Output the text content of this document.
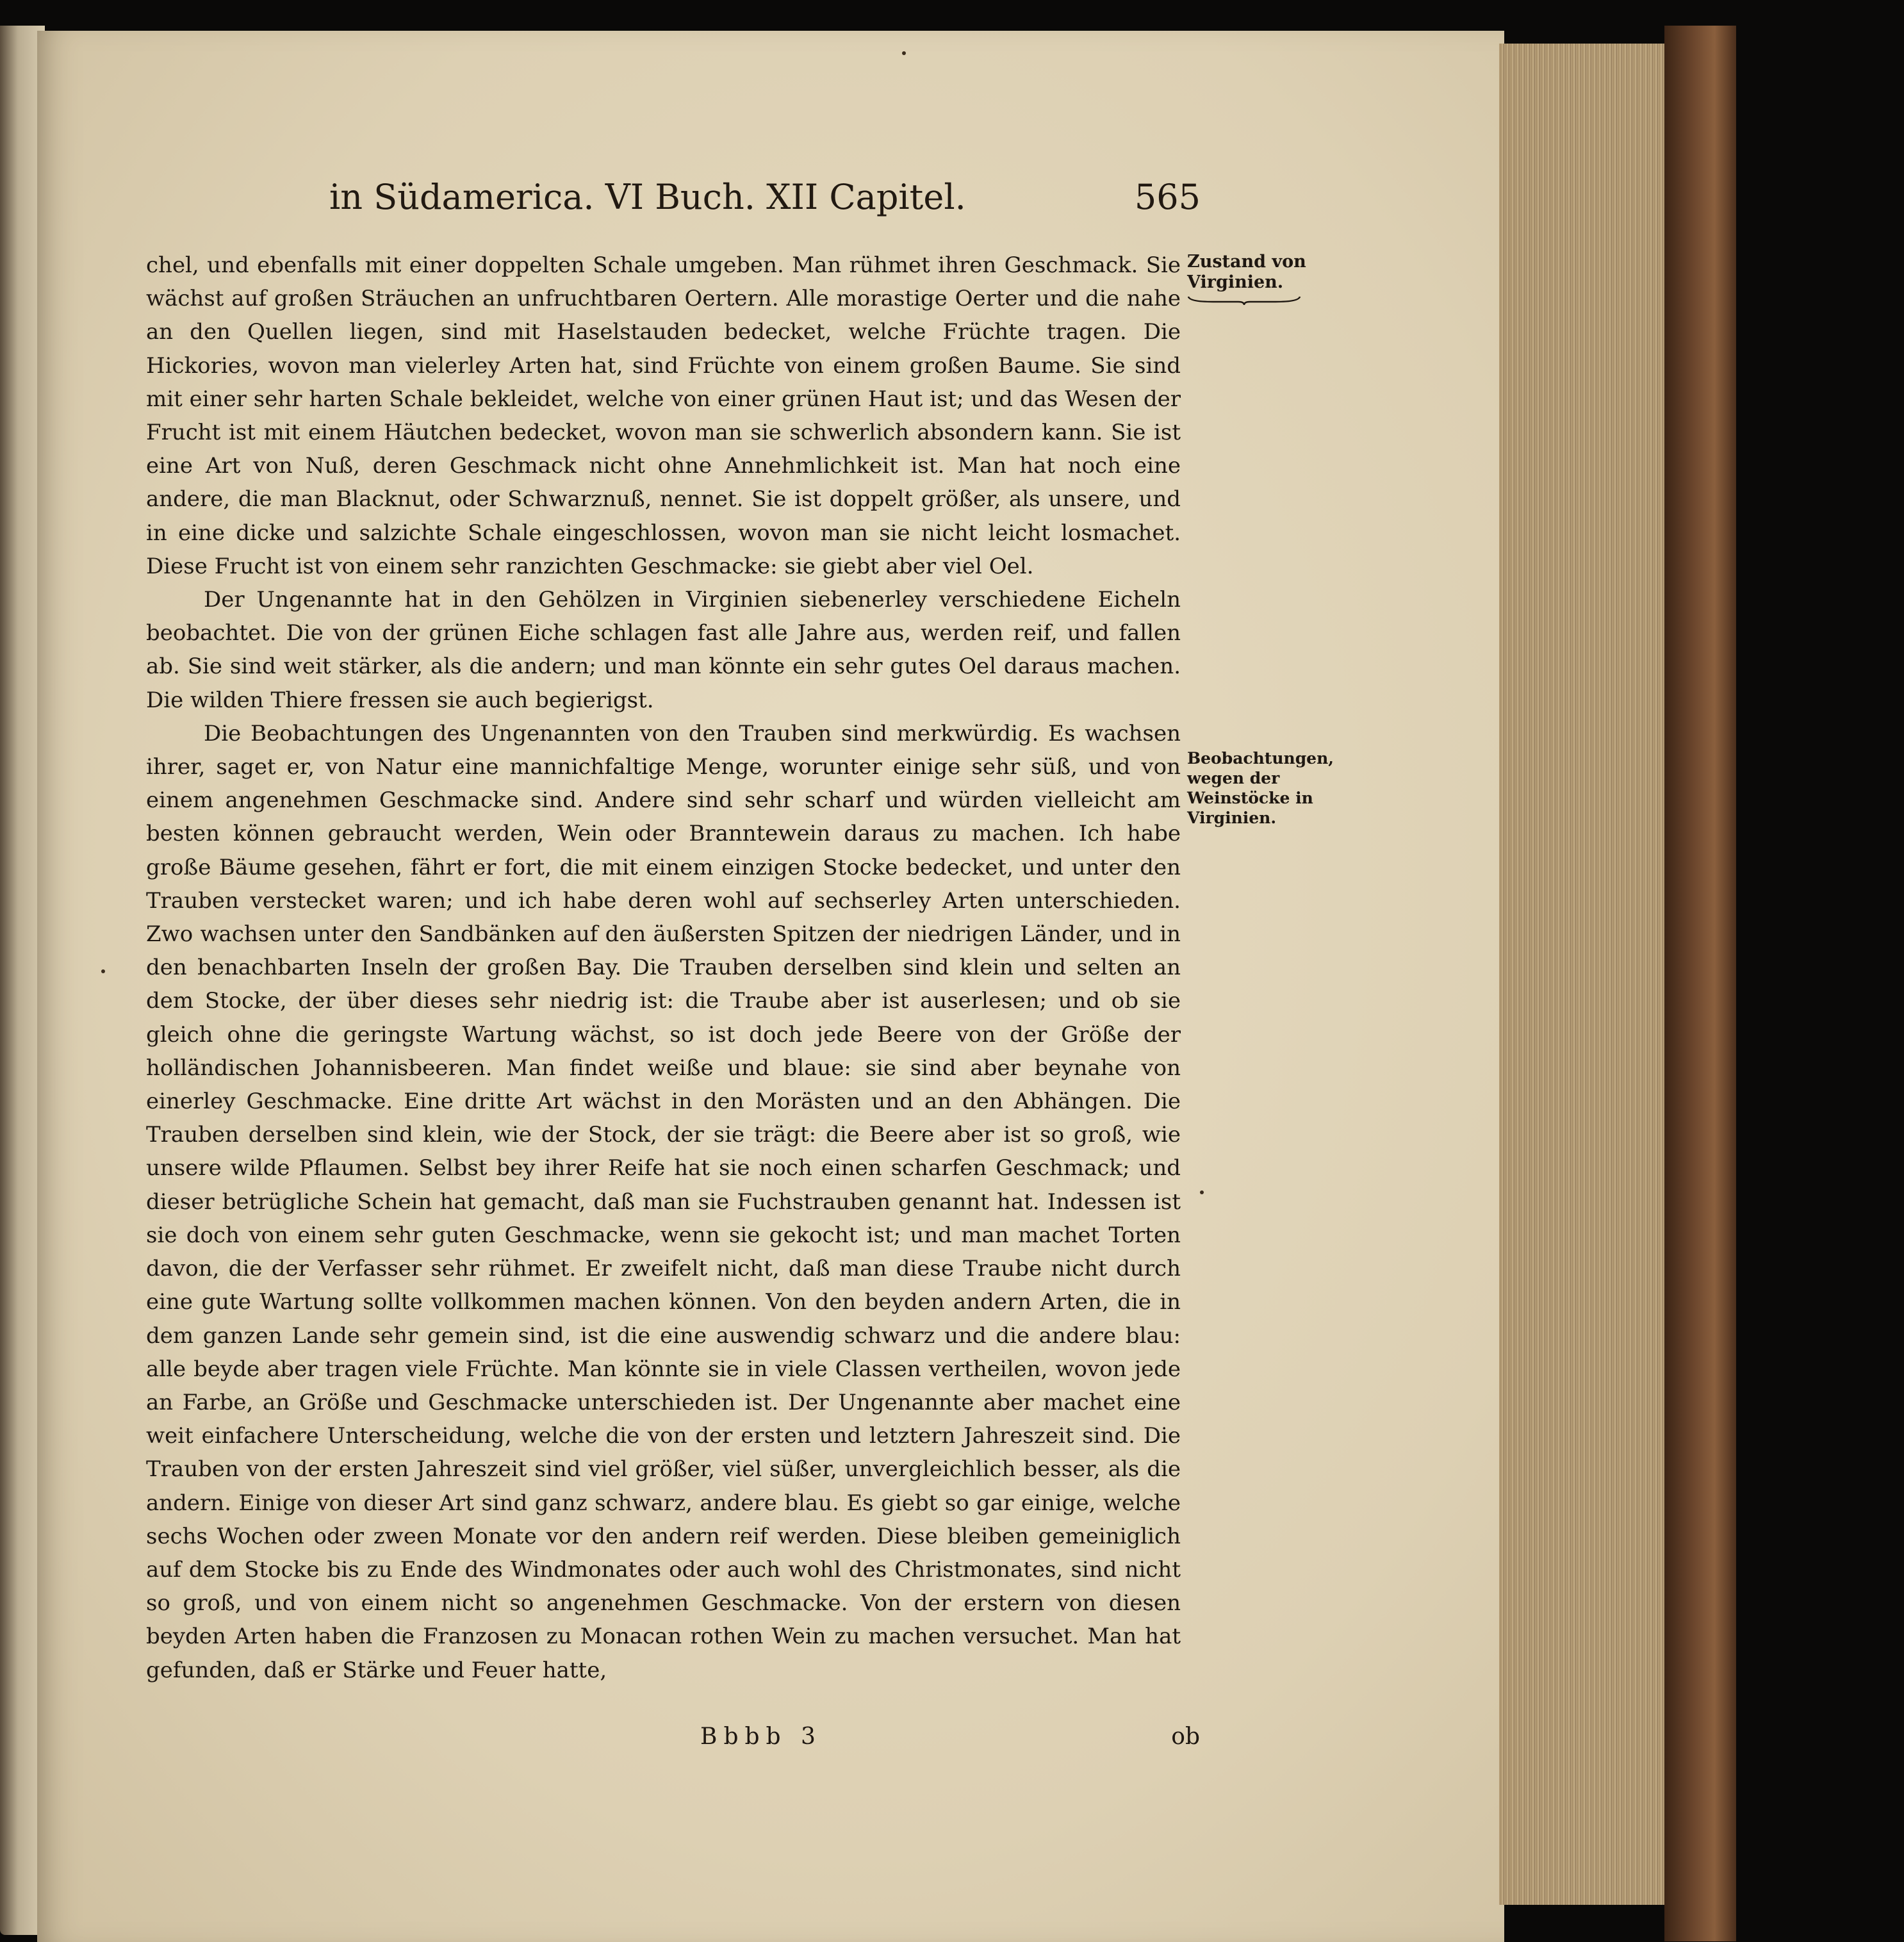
in Südamerica. VI Buch. XII Capitel.	565

chel, und ebenfalls mit einer doppelten Schale umgeben. Man rühmet ihren Geschmack. Sie wächst auf großen Sträuchen an unfruchtbaren Oertern. Alle morastige Oerter und die nahe an den Quellen liegen, sind mit Haselstauden bedecket, welche Früchte tragen. Die Hickories, wovon man vielerley Arten hat, sind Früchte von einem großen Baume. Sie sind mit einer sehr harten Schale bekleidet, welche von einer grünen Haut ist; und das Wesen der Frucht ist mit einem Häutchen bedecket, wovon man sie schwerlich absondern kann. Sie ist eine Art von Nuß, deren Geschmack nicht ohne Annehmlichkeit ist. Man hat noch eine andere, die man Blacknut, oder Schwarznuß, nennet. Sie ist doppelt größer, als unsere, und in eine dicke und salzichte Schale eingeschlossen, wovon man sie nicht leicht losmachet. Diese Frucht ist von einem sehr ranzichten Geschmacke: sie giebt aber viel Oel.

Der Ungenannte hat in den Gehölzen in Virginien siebenerley verschiedene Eicheln beobachtet. Die von der grünen Eiche schlagen fast alle Jahre aus, werden reif, und fallen ab. Sie sind weit stärker, als die andern; und man könnte ein sehr gutes Oel daraus machen. Die wilden Thiere fressen sie auch begierigst.

Die Beobachtungen des Ungenannten von den Trauben sind merkwürdig. Es wachsen ihrer, saget er, von Natur eine mannichfaltige Menge, worunter einige sehr süß, und von einem angenehmen Geschmacke sind. Andere sind sehr scharf und würden vielleicht am besten können gebraucht werden, Wein oder Branntewein daraus zu machen. Ich habe große Bäume gesehen, fährt er fort, die mit einem einzigen Stocke bedecket, und unter den Trauben verstecket waren; und ich habe deren wohl auf sechserley Arten unterschieden. Zwo wachsen unter den Sandbänken auf den äußersten Spitzen der niedrigen Länder, und in den benachbarten Inseln der großen Bay. Die Trauben derselben sind klein und selten an dem Stocke, der über dieses sehr niedrig ist: die Traube aber ist auserlesen; und ob sie gleich ohne die geringste Wartung wächst, so ist doch jede Beere von der Größe der holländischen Johannisbeeren. Man findet weiße und blaue: sie sind aber beynahe von einerley Geschmacke. Eine dritte Art wächst in den Morästen und an den Abhängen. Die Trauben derselben sind klein, wie der Stock, der sie trägt: die Beere aber ist so groß, wie unsere wilde Pflaumen. Selbst bey ihrer Reife hat sie noch einen scharfen Geschmack; und dieser betrügliche Schein hat gemacht, daß man sie Fuchstrauben genannt hat. Indessen ist sie doch von einem sehr guten Geschmacke, wenn sie gekocht ist; und man machet Torten davon, die der Verfasser sehr rühmet. Er zweifelt nicht, daß man diese Traube nicht durch eine gute Wartung sollte vollkommen machen können. Von den beyden andern Arten, die in dem ganzen Lande sehr gemein sind, ist die eine auswendig schwarz und die andere blau: alle beyde aber tragen viele Früchte. Man könnte sie in viele Classen vertheilen, wovon jede an Farbe, an Größe und Geschmacke unterschieden ist. Der Ungenannte aber machet eine weit einfachere Unterscheidung, welche die von der ersten und letztern Jahreszeit sind. Die Trauben von der ersten Jahreszeit sind viel größer, viel süßer, unvergleichlich besser, als die andern. Einige von dieser Art sind ganz schwarz, andere blau. Es giebt so gar einige, welche sechs Wochen oder zween Monate vor den andern reif werden. Diese bleiben gemeiniglich auf dem Stocke bis zu Ende des Windmonates oder auch wohl des Christmonates, sind nicht so groß, und von einem nicht so angenehmen Geschmacke. Von der erstern von diesen beyden Arten haben die Franzosen zu Monacan rothen Wein zu machen versuchet. Man hat gefunden, daß er Stärke und Feuer hatte,

Zustand von Virginien.
Beobachtungen, wegen der Weinstöcke in Virginien.
Bbbb 3	ob
